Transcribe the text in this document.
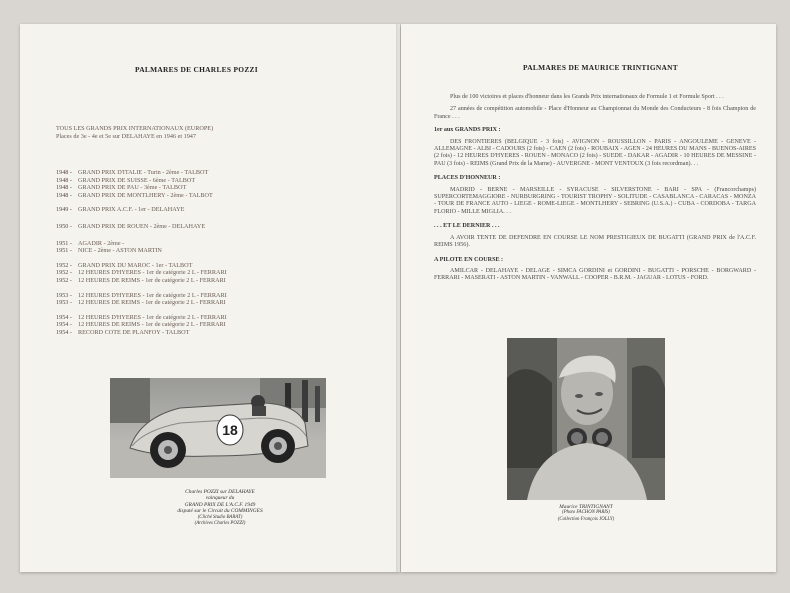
PALMARES DE CHARLES POZZI
TOUS LES GRANDS PRIX INTERNATIONAUX (EUROPE)
Places de 3e - 4e et 5e sur DELAHAYE en 1946 et 1947
1948 - GRAND PRIX D'ITALIE - Turin - 2ème - TALBOT
1948 - GRAND PRIX DE SUISSE - 6ème - TALBOT
1948 - GRAND PRIX DE PAU - 3ème - TALBOT
1948 - GRAND PRIX DE MONTLHERY - 2ème - TALBOT
1949 - GRAND PRIX A.C.F. - 1er - DELAHAYE
1950 - GRAND PRIX DE ROUEN - 2ème - DELAHAYE
1951 - AGADIR - 2ème -
1951 - NICE - 2ème - ASTON MARTIN
1952 - GRAND PRIX DU MAROC - 1er - TALBOT
1952 - 12 HEURES D'HYERES - 1er de catégorie 2 L - FERRARI
1952 - 12 HEURES DE REIMS - 1er de catégorie 2 L - FERRARI
1953 - 12 HEURES D'HYERES - 1er de catégorie 2 L - FERRARI
1953 - 12 HEURES DE REIMS - 1er de catégorie 2 L - FERRARI
1954 - 12 HEURES D'HYERES - 1er de catégorie 2 L - FERRARI
1954 - 12 HEURES DE REIMS - 1er de catégorie 2 L - FERRARI
1954 - RECORD COTE DE PLANFOY - TALBOT
18
Charles POZZI sur DELAHAYE
vainqueur du
GRAND PRIX DE L'A.C.F. 1949
disputé sur le Circuit du COMMINGES
(Cliché Studio BARAT)
(Archives Charles POZZI)
PALMARES DE MAURICE TRINTIGNANT

Plus de 100 victoires et places d'honneur dans les Grands Prix internationaux de Formule 1 et Formule Sport . . .

27 années de compétition automobile - Place d'Honneur au Championnat du Monde des Conducteurs - 8 fois Champion de France . . .

1er aux GRANDS PRIX :

DES FRONTIERES (BELGIQUE - 3 fois) - AVIGNON - ROUSSILLON - PARIS - ANGOULEME - GENEVE - ALLEMAGNE - ALBI - CADOURS (2 fois) - CAEN (2 fois) - ROUBAIX - AGEN - 24 HEURES DU MANS - BUENOS-AIRES (2 fois) - 12 HEURES D'HYERES - ROUEN - MONACO (2 fois) - SUEDE - DAKAR - AGADIR - 10 HEURES DE MESSINE - PAU (3 fois) - REIMS (Grand Prix de la Marne) - AUVERGNE - MONT VENTOUX (3 fois recordman). . .

PLACES D'HONNEUR :

MADRID - BERNE - MARSEILLE - SYRACUSE - SILVERSTONE - BARI - SPA - (Francorchamps) SUPERCORTEMAGGIORE - NURBURGRING - TOURIST TROPHY - SOLITUDE - CASABLANCA - CARACAS - MONZA - TOUR DE FRANCE AUTO - LIEGE - ROME-LIEGE - MONTLHERY - SEBRING (U.S.A.) - CUBA - CORDOBA - TARGA FLORIO - MILLE MIGLIA. . .

. . . ET LE DERNIER . . .

A AVOIR TENTE DE DEFENDRE EN COURSE LE NOM PRESTIGIEUX DE BUGATTI (GRAND PRIX de l'A.C.F. REIMS 1956).

A PILOTE EN COURSE :

AMILCAR - DELAHAYE - DELAGE - SIMCA GORDINI et GORDINI - BUGATTI - PORSCHE - BORGWARD - FERRARI - MASERATI - ASTON MARTIN - VANWALL - COOPER - B.R.M. - JAGUAR - LOTUS - FORD.

Maurice TRINTIGNANT
(Photo FACHON PARIS)
(Collection François JOLLY)
